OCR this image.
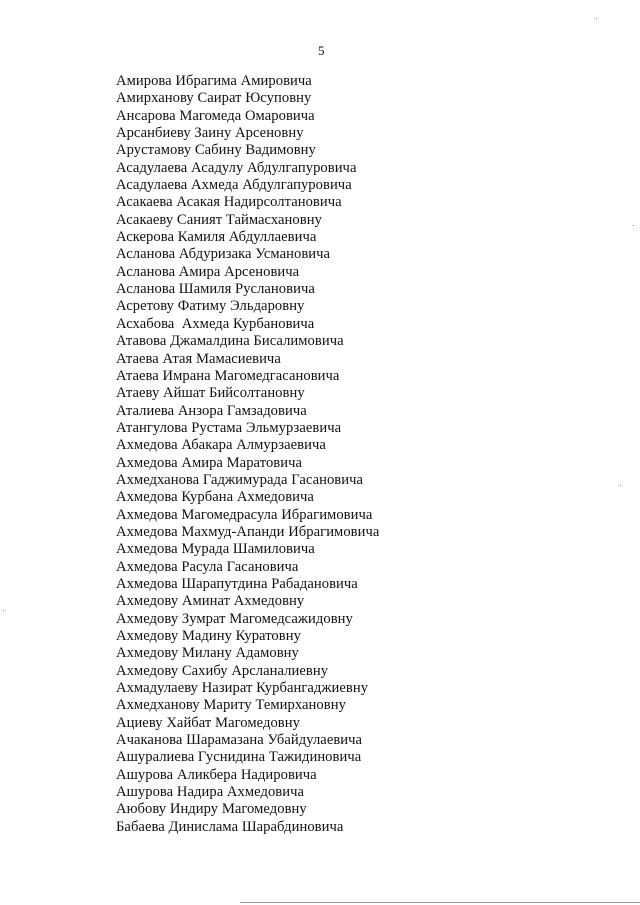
5
Амирова Ибрагима Амировича
Амирханову Саират Юсуповну
Ансарова Магомеда Омаровича
Арсанбиеву Заину Арсеновну
Арустамову Сабину Вадимовну
Асадулаева Асадулу Абдулгапуровича
Асадулаева Ахмеда Абдулгапуровича
Асакаева Асакая Надирсолтановича
Асакаеву Саният Таймасхановну
Аскерова Камиля Абдуллаевича
Асланова Абдуризака Усмановича
Асланова Амира Арсеновича
Асланова Шамиля Руслановича
Асретову Фатиму Эльдаровну
Асхабова  Ахмеда Курбановича
Атавова Джамалдина Бисалимовича
Атаева Атая Мамасиевича
Атаева Имрана Магомедгасановича
Атаеву Айшат Бийсолтановну
Аталиева Анзора Гамзадовича
Атангулова Рустама Эльмурзаевича
Ахмедова Абакара Алмурзаевича
Ахмедова Амира Маратовича
Ахмедханова Гаджимурада Гасановича
Ахмедова Курбана Ахмедовича
Ахмедова Магомедрасула Ибрагимовича
Ахмедова Махмуд-Апанди Ибрагимовича
Ахмедова Мурада Шамиловича
Ахмедова Расула Гасановича
Ахмедова Шарапутдина Рабадановича
Ахмедову Аминат Ахмедовну
Ахмедову Зумрат Магомедсажидовну
Ахмедову Мадину Куратовну
Ахмедову Милану Адамовну
Ахмедову Сахибу Арсланалиевну
Ахмадулаеву Назират Курбангаджиевну
Ахмедханову Мариту Темирхановну
Ациеву Хайбат Магомедовну
Ачаканова Шарамазана Убайдулаевича
Ашуралиева Гуснидина Тажидиновича
Ашурова Аликбера Надировича
Ашурова Надира Ахмедовича
Аюбову Индиру Магомедовну
Бабаева Динислама Шарабдиновича
